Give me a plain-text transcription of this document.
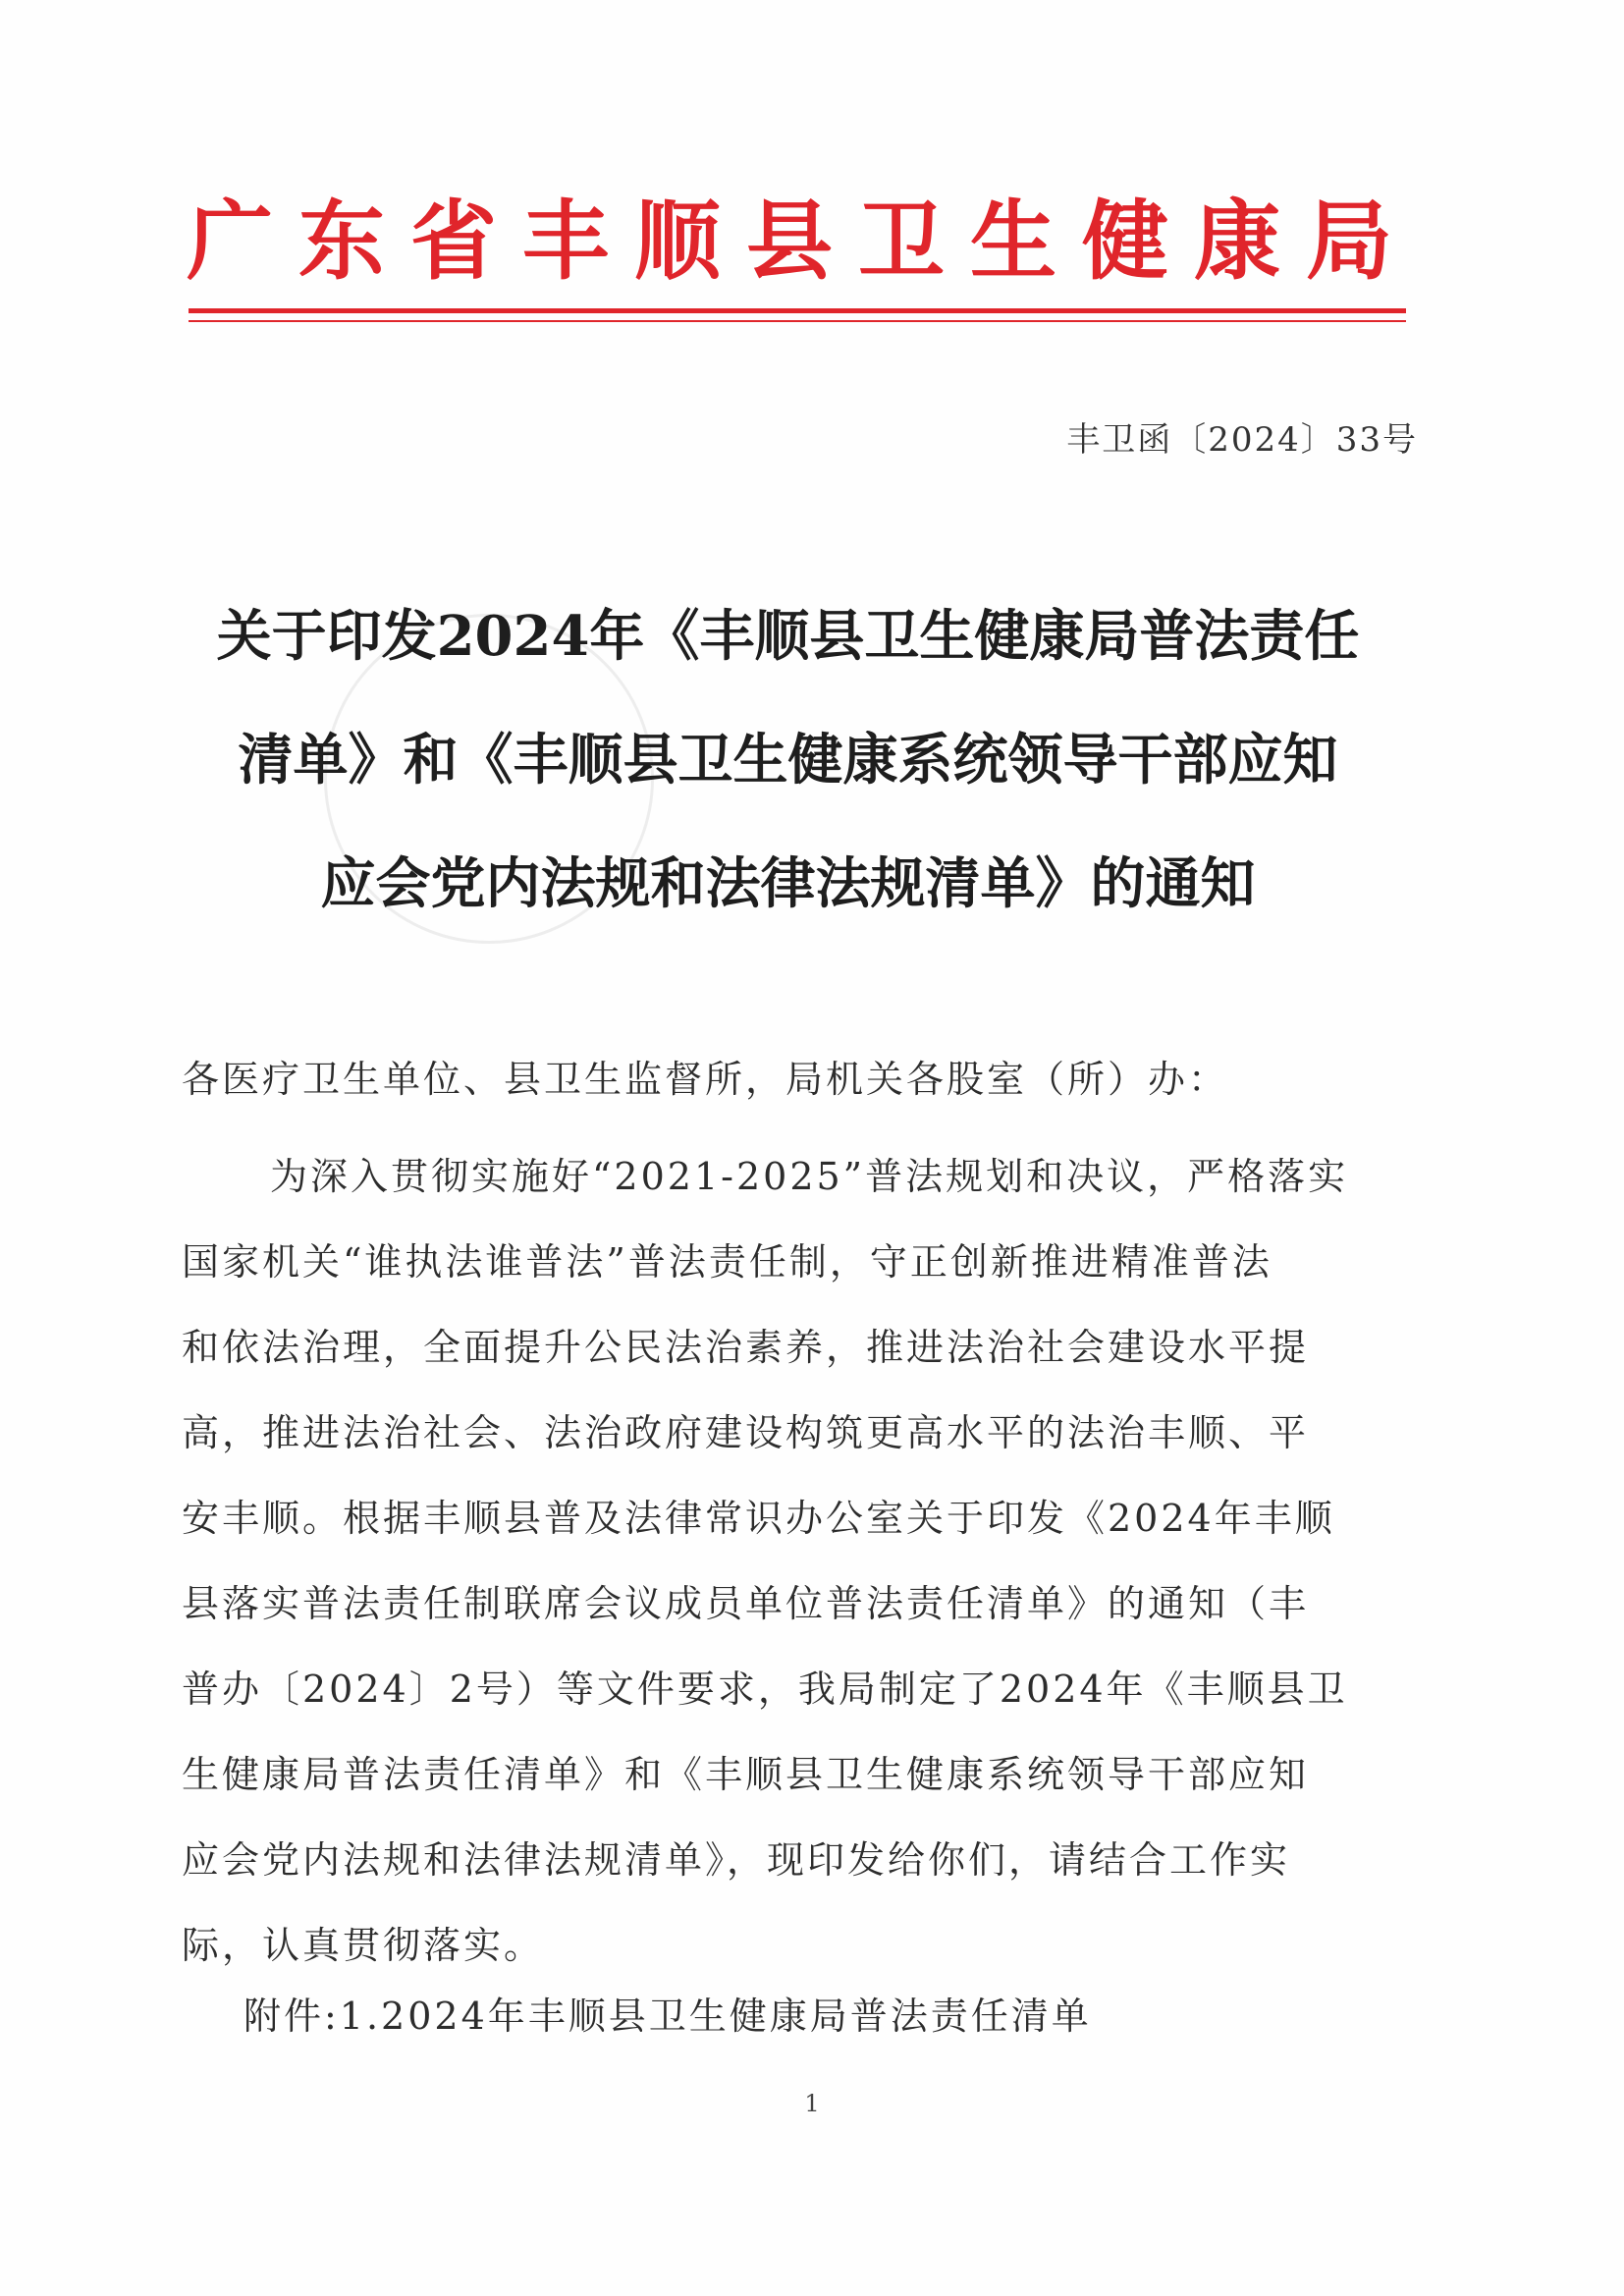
广东省丰顺县卫生健康局
丰卫函〔2024〕33号
关于印发2024年《丰顺县卫生健康局普法责任
清单》和《丰顺县卫生健康系统领导干部应知
应会党内法规和法律法规清单》的通知
各医疗卫生单位、县卫生监督所，局机关各股室（所）办：
为深入贯彻实施好“2021-2025”普法规划和决议，严格落实
国家机关“谁执法谁普法”普法责任制，守正创新推进精准普法
和依法治理，全面提升公民法治素养，推进法治社会建设水平提
高，推进法治社会、法治政府建设构筑更高水平的法治丰顺、平
安丰顺。根据丰顺县普及法律常识办公室关于印发《2024年丰顺
县落实普法责任制联席会议成员单位普法责任清单》的通知（丰
普办〔2024〕2号）等文件要求，我局制定了2024年《丰顺县卫
生健康局普法责任清单》和《丰顺县卫生健康系统领导干部应知
应会党内法规和法律法规清单》，现印发给你们，请结合工作实
际，认真贯彻落实。
附件:1.2024年丰顺县卫生健康局普法责任清单
1
